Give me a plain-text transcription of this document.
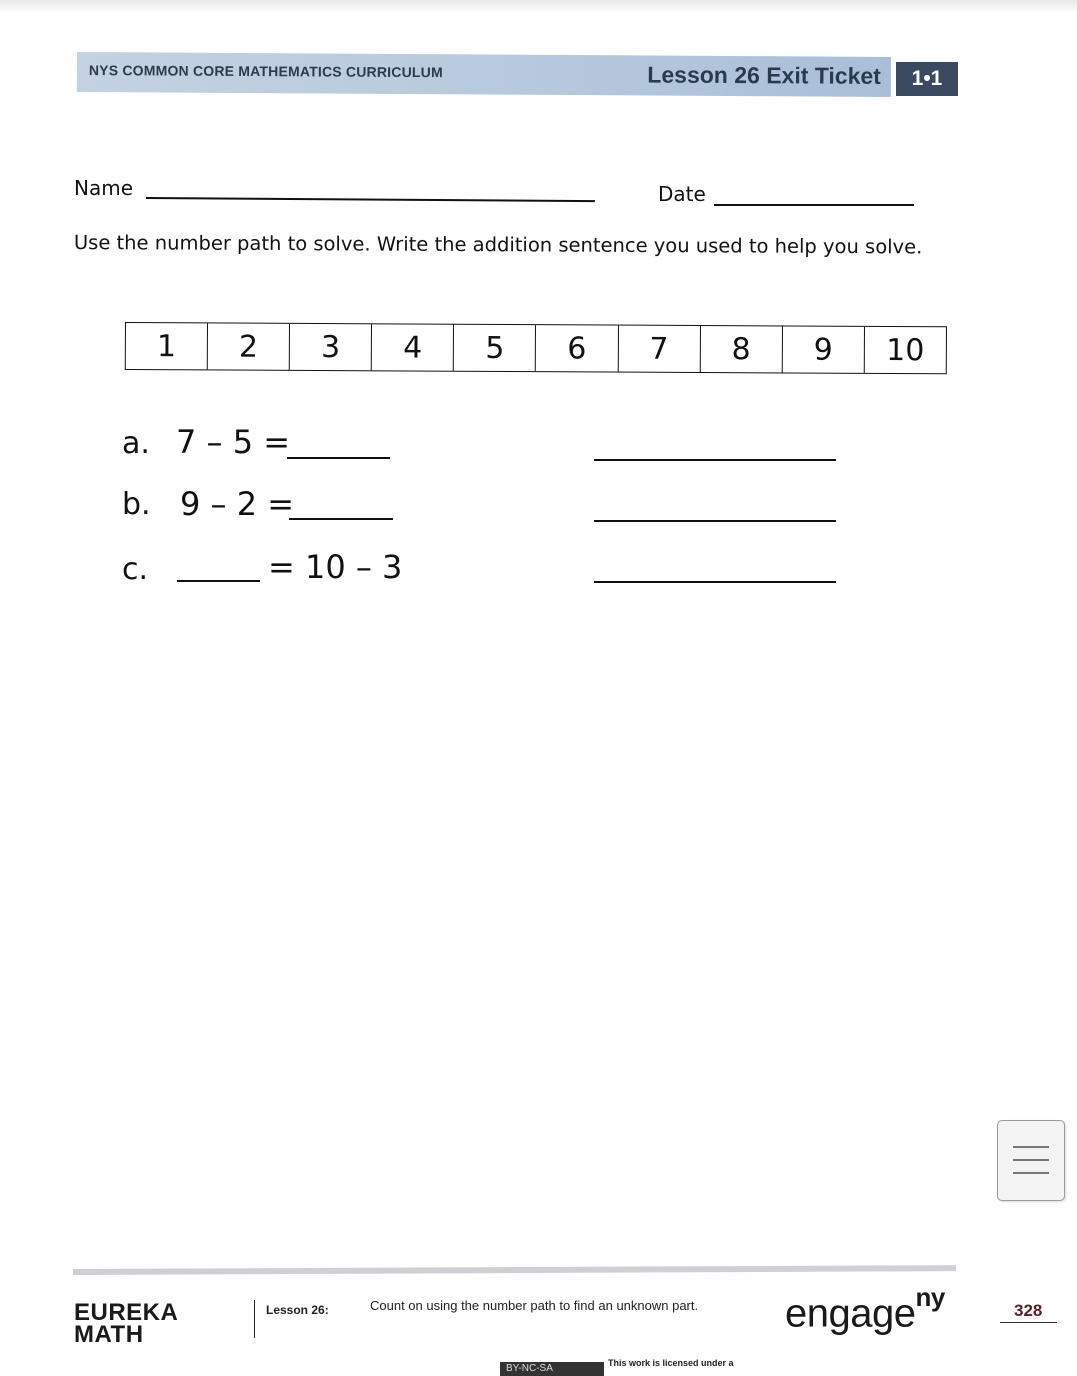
NYS COMMON CORE MATHEMATICS CURRICULUM	Lesson 26 Exit Ticket	1•1
Name	Date
Use the number path to solve. Write the addition sentence you used to help you solve.
1	2	3	4	5	6	7	8	9	10
a. 7 – 5 =
b. 9 – 2 =
c.	= 10 – 3
EUREKA
MATH
Lesson 26:	Count on using the number path to find an unknown part. engage$^{ny}$	328
BY-NC-SA	This work is licensed under a
